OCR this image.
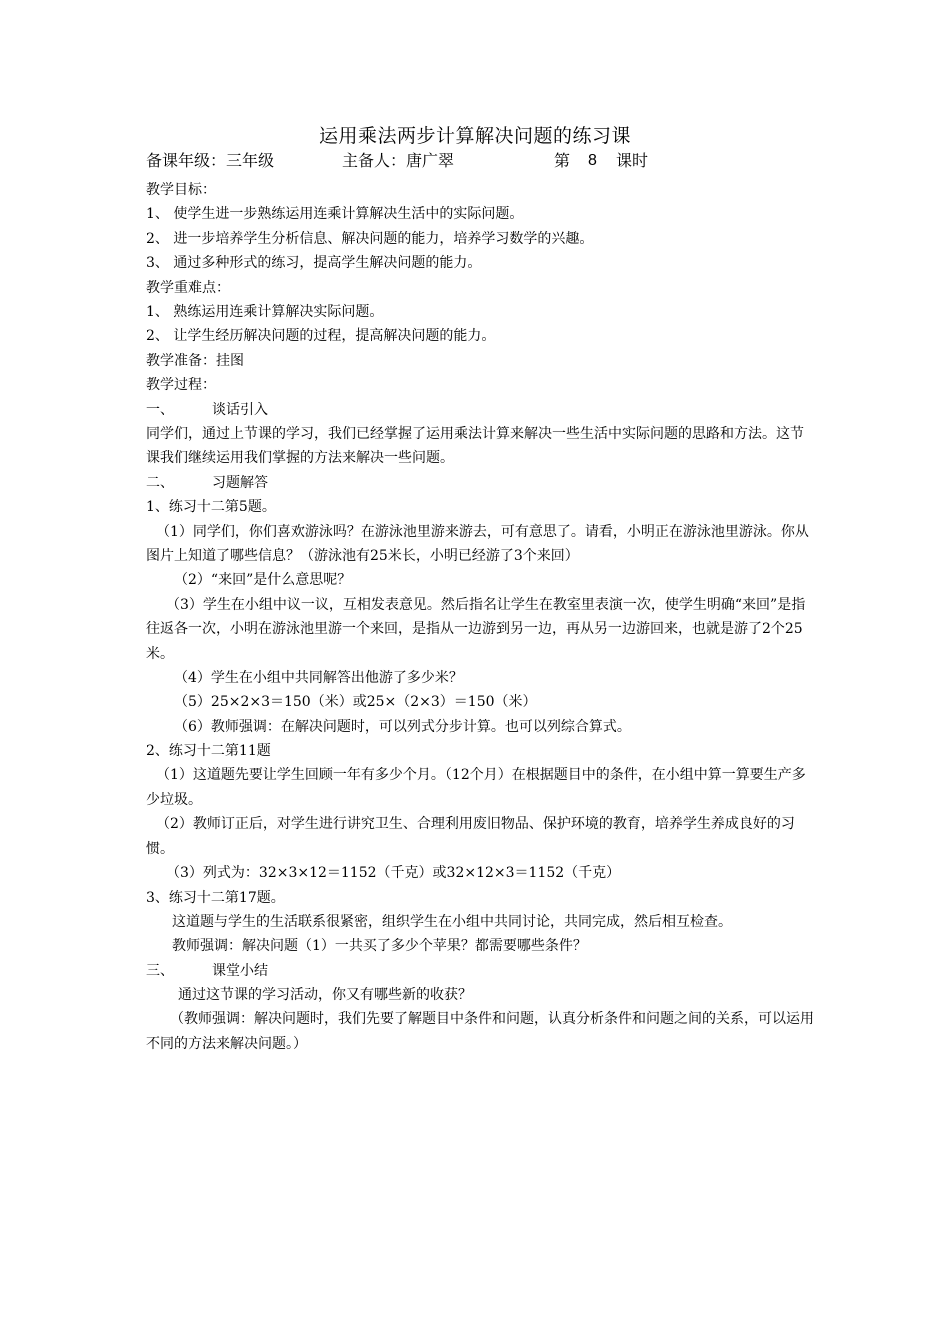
运用乘法两步计算解决问题的练习课
备课年级：三年级	主备人：唐广翠	第 8 课时
教学目标：
1、 使学生进一步熟练运用连乘计算解决生活中的实际问题。
2、 进一步培养学生分析信息、解决问题的能力，培养学习数学的兴趣。
3、 通过多种形式的练习，提高学生解决问题的能力。
教学重难点：
1、 熟练运用连乘计算解决实际问题。
2、 让学生经历解决问题的过程，提高解决问题的能力。
教学准备：挂图
教学过程：
一、	谈话引入
同学们，通过上节课的学习，我们已经掌握了运用乘法计算来解决一些生活中实际问题的思路和方法。这节课我们继续运用我们掌握的方法来解决一些问题。
二、	习题解答
1、练习十二第5题。
（1）同学们，你们喜欢游泳吗？在游泳池里游来游去，可有意思了。请看，小明正在游泳池里游泳。你从图片上知道了哪些信息？（游泳池有25米长，小明已经游了3个来回）
（2）“来回”是什么意思呢？
（3）学生在小组中议一议，互相发表意见。然后指名让学生在教室里表演一次，使学生明确“来回”是指往返各一次，小明在游泳池里游一个来回，是指从一边游到另一边，再从另一边游回来，也就是游了2个25米。
（4）学生在小组中共同解答出他游了多少米？
（5）25×2×3＝150（米）或25×（2×3）＝150（米）
（6）教师强调：在解决问题时，可以列式分步计算。也可以列综合算式。
2、练习十二第11题
（1）这道题先要让学生回顾一年有多少个月。（12个月）在根据题目中的条件，在小组中算一算要生产多少垃圾。
（2）教师订正后，对学生进行讲究卫生、合理利用废旧物品、保护环境的教育，培养学生养成良好的习惯。
（3）列式为：32×3×12＝1152（千克）或32×12×3＝1152（千克）
3、练习十二第17题。
这道题与学生的生活联系很紧密，组织学生在小组中共同讨论，共同完成，然后相互检查。
教师强调：解决问题（1）一共买了多少个苹果？都需要哪些条件？
三、	课堂小结
通过这节课的学习活动，你又有哪些新的收获？
（教师强调：解决问题时，我们先要了解题目中条件和问题，认真分析条件和问题之间的关系，可以运用不同的方法来解决问题。）
